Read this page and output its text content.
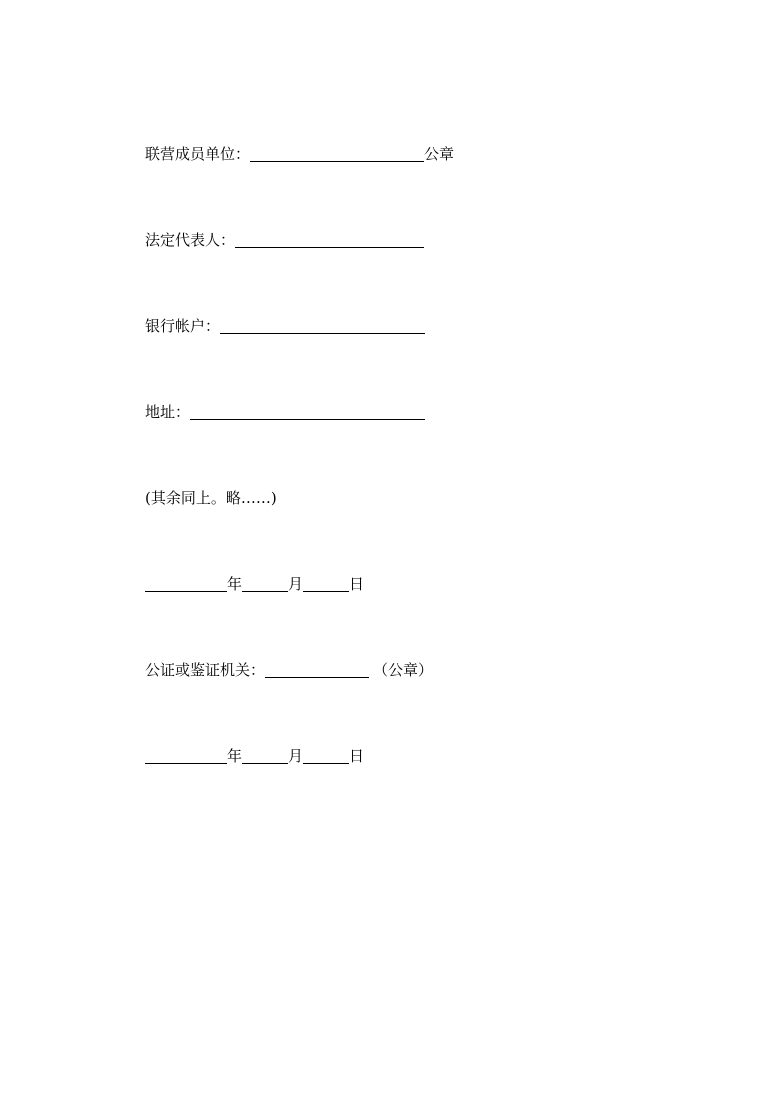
联营成员单位：	公章
法定代表人：
银行帐户：
地址：
(其余同上。略……)
年	月	日
公证或鉴证机关：	（公章）
年	月	日
